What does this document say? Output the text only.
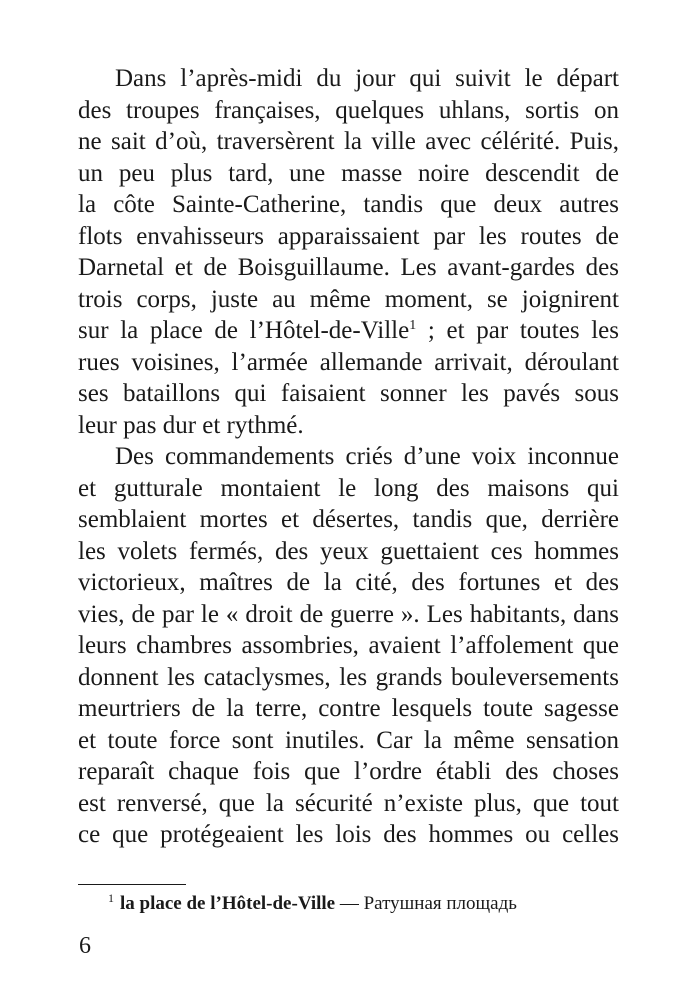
Dans l’après-midi du jour qui suivit le départ
des troupes françaises, quelques uhlans, sortis on
ne sait d’où, traversèrent la ville avec célérité. Puis,
un peu plus tard, une masse noire descendit de
la côte Sainte-Catherine, tandis que deux autres
flots envahisseurs apparaissaient par les routes de
Darnetal et de Boisguillaume. Les avant-gardes des
trois corps, juste au même moment, se joignirent
sur la place de l’Hôtel-de-Ville$^1$ ; et par toutes les
rues voisines, l’armée allemande arrivait, déroulant
ses bataillons qui faisaient sonner les pavés sous
leur pas dur et rythmé.
Des commandements criés d’une voix inconnue
et gutturale montaient le long des maisons qui
semblaient mortes et désertes, tandis que, derrière
les volets fermés, des yeux guettaient ces hommes
victorieux, maîtres de la cité, des fortunes et des
vies, de par le « droit de guerre ». Les habitants, dans
leurs chambres assombries, avaient l’affolement que
donnent les cataclysmes, les grands bouleversements
meurtriers de la terre, contre lesquels toute sagesse
et toute force sont inutiles. Car la même sensation
reparaît chaque fois que l’ordre établi des choses
est renversé, que la sécurité n’existe plus, que tout
ce que protégeaient les lois des hommes ou celles
$^1$ la place de l’Hôtel-de-Ville — Ратушная площадь
6
